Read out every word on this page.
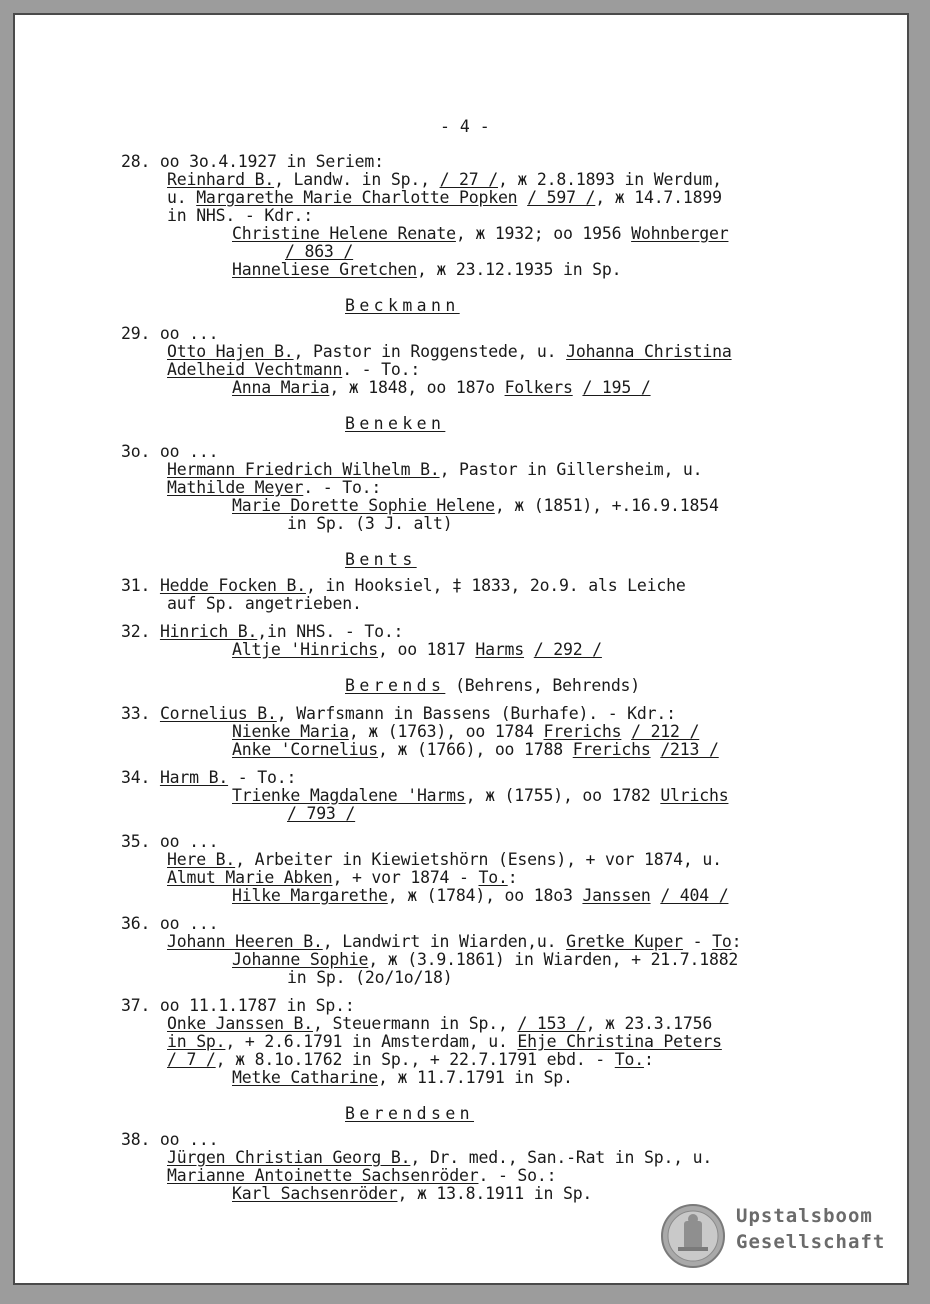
- 4 -
28. oo 3o.4.1927 in Seriem:
Reinhard B., Landw. in Sp., / 27 /, ж 2.8.1893 in Werdum,
u. Margarethe Marie Charlotte Popken / 597 /, ж 14.7.1899
in NHS. - Kdr.:
Christine Helene Renate, ж 1932; oo 1956 Wohnberger
/ 863 /
Hanneliese Gretchen, ж 23.12.1935 in Sp.
Beckmann
29. oo ...
Otto Hajen B., Pastor in Roggenstede, u. Johanna Christina
Adelheid Vechtmann. - To.:
Anna Maria, ж 1848, oo 187o Folkers / 195 /
Beneken
3o. oo ...
Hermann Friedrich Wilhelm B., Pastor in Gillersheim, u.
Mathilde Meyer. - To.:
Marie Dorette Sophie Helene, ж (1851), +.16.9.1854
in Sp. (3 J. alt)
Bents
31. Hedde Focken B., in Hooksiel, ‡ 1833, 2o.9. als Leiche
auf Sp. angetrieben.
32. Hinrich B.,in NHS. - To.:
Altje 'Hinrichs, oo 1817 Harms / 292 /
Berends (Behrens, Behrends)
33. Cornelius B., Warfsmann in Bassens (Burhafe). - Kdr.:
Nienke Maria, ж (1763), oo 1784 Frerichs / 212 /
Anke 'Cornelius, ж (1766), oo 1788 Frerichs /213 /
34. Harm B. - To.:
Trienke Magdalene 'Harms, ж (1755), oo 1782 Ulrichs
/ 793 /
35. oo ...
Here B., Arbeiter in Kiewietshörn (Esens), + vor 1874, u.
Almut Marie Abken, + vor 1874 - To.:
Hilke Margarethe, ж (1784), oo 18o3 Janssen / 404 /
36. oo ...
Johann Heeren B., Landwirt in Wiarden,u. Gretke Kuper - To:
Johanne Sophie, ж (3.9.1861) in Wiarden, + 21.7.1882
in Sp. (2o/1o/18)
37. oo 11.1.1787 in Sp.:
Onke Janssen B., Steuermann in Sp., / 153 /, ж 23.3.1756
in Sp., + 2.6.1791 in Amsterdam, u. Ehje Christina Peters
/ 7 /, ж 8.1o.1762 in Sp., + 22.7.1791 ebd. - To.:
Metke Catharine, ж 11.7.1791 in Sp.
Berendsen
38. oo ...
Jürgen Christian Georg B., Dr. med., San.-Rat in Sp., u.
Marianne Antoinette Sachsenröder. - So.:
Karl Sachsenröder, ж 13.8.1911 in Sp.
Upstalsboom
Gesellschaft
